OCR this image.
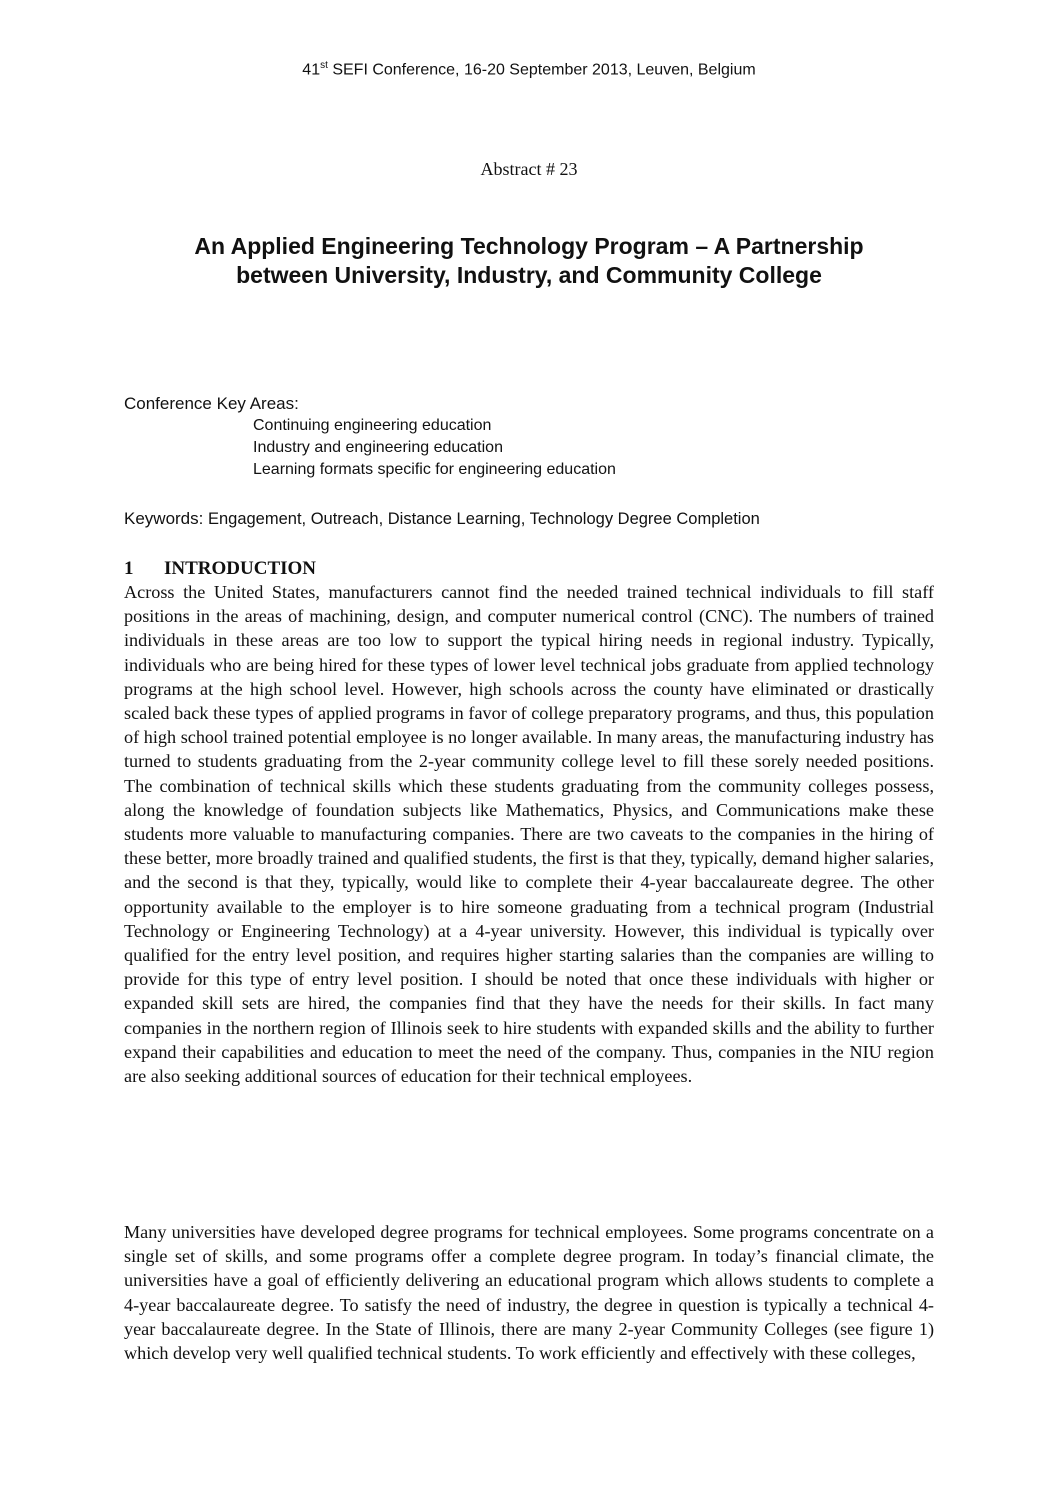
41st SEFI Conference, 16-20 September 2013, Leuven, Belgium
Abstract # 23
An Applied Engineering Technology Program – A Partnership
between University, Industry, and Community College
Conference Key Areas:
Continuing engineering education
Industry and engineering education
Learning formats specific for engineering education
Keywords: Engagement, Outreach, Distance Learning, Technology Degree Completion
1 INTRODUCTION

Across the United States, manufacturers cannot find the needed trained technical individuals to fill staff positions in the areas of machining, design, and computer numerical control (CNC). The numbers of trained individuals in these areas are too low to support the typical hiring needs in regional industry. Typically, individuals who are being hired for these types of lower level technical jobs graduate from applied technology programs at the high school level. However, high schools across the county have eliminated or drastically scaled back these types of applied programs in favor of college preparatory programs, and thus, this population of high school trained potential employee is no longer available. In many areas, the manufacturing industry has turned to students graduating from the 2-year community college level to fill these sorely needed positions. The combination of technical skills which these students graduating from the community colleges possess, along the knowledge of foundation subjects like Mathematics, Physics, and Communications make these students more valuable to manufacturing companies. There are two caveats to the companies in the hiring of these better, more broadly trained and qualified students, the first is that they, typically, demand higher salaries, and the second is that they, typically, would like to complete their 4-year baccalaureate degree. The other opportunity available to the employer is to hire someone graduating from a technical program (Industrial Technology or Engineering Technology) at a 4-year university. However, this individual is typically over qualified for the entry level position, and requires higher starting salaries than the companies are willing to provide for this type of entry level position. I should be noted that once these individuals with higher or expanded skill sets are hired, the companies find that they have the needs for their skills. In fact many companies in the northern region of Illinois seek to hire students with expanded skills and the ability to further expand their capabilities and education to meet the need of the company. Thus, companies in the NIU region are also seeking additional sources of education for their technical employees.

Many universities have developed degree programs for technical employees. Some programs concentrate on a single set of skills, and some programs offer a complete degree program. In today’s financial climate, the universities have a goal of efficiently delivering an educational program which allows students to complete a 4-year baccalaureate degree. To satisfy the need of industry, the degree in question is typically a technical 4-year baccalaureate degree. In the State of Illinois, there are many 2-year Community Colleges (see figure 1) which develop very well qualified technical students. To work efficiently and effectively with these colleges,
